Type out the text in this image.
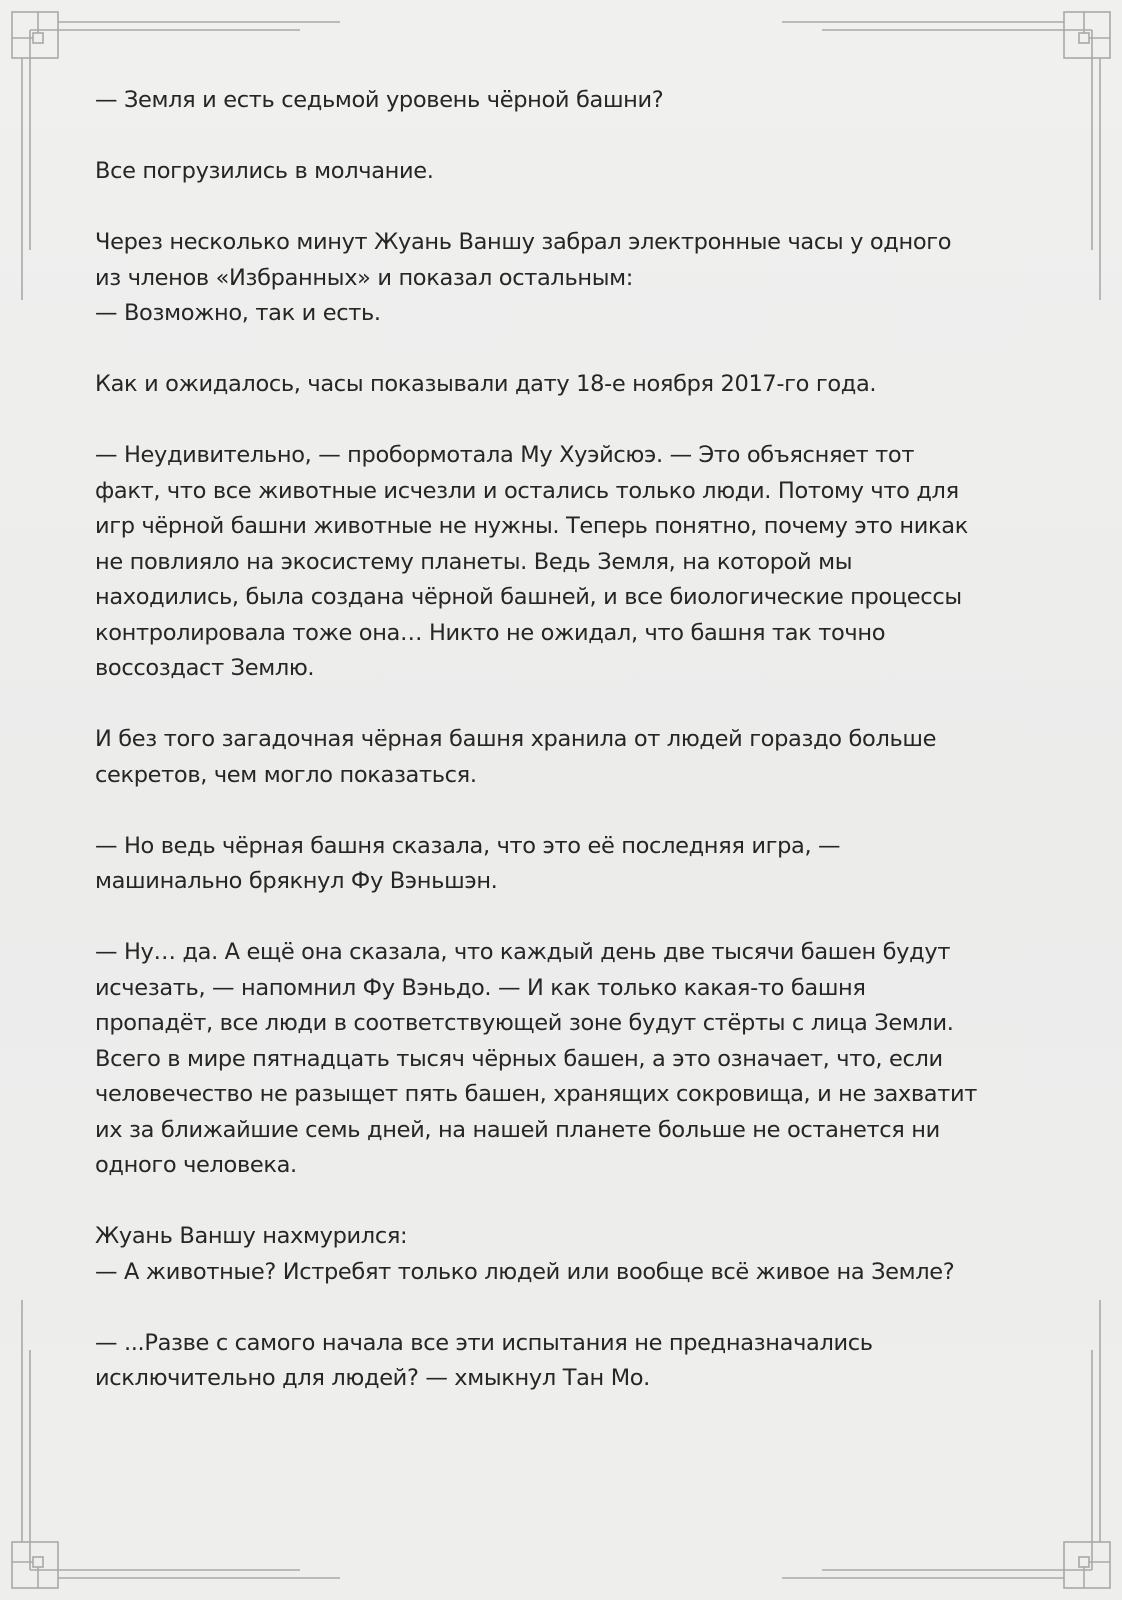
— Земля и есть седьмой уровень чёрной башни?

Все погрузились в молчание.

Через несколько минут Жуань Ваншу забрал электронные часы у одного
из членов «Избранных» и показал остальным:
— Возможно, так и есть.

Как и ожидалось, часы показывали дату 18-е ноября 2017-го года.

— Неудивительно, — пробормотала Му Хуэйсюэ. — Это объясняет тот
факт, что все животные исчезли и остались только люди. Потому что для
игр чёрной башни животные не нужны. Теперь понятно, почему это никак
не повлияло на экосистему планеты. Ведь Земля, на которой мы
находились, была создана чёрной башней, и все биологические процессы
контролировала тоже она… Никто не ожидал, что башня так точно
воссоздаст Землю.

И без того загадочная чёрная башня хранила от людей гораздо больше
секретов, чем могло показаться.

— Но ведь чёрная башня сказала, что это её последняя игра, —
машинально брякнул Фу Вэньшэн.

— Ну… да. А ещё она сказала, что каждый день две тысячи башен будут
исчезать, — напомнил Фу Вэньдо. — И как только какая-то башня
пропадёт, все люди в соответствующей зоне будут стёрты с лица Земли.
Всего в мире пятнадцать тысяч чёрных башен, а это означает, что, если
человечество не разыщет пять башен, хранящих сокровища, и не захватит
их за ближайшие семь дней, на нашей планете больше не останется ни
одного человека.

Жуань Ваншу нахмурился:
— А животные? Истребят только людей или вообще всё живое на Земле?

— ...Разве с самого начала все эти испытания не предназначались
исключительно для людей? — хмыкнул Тан Мо.
